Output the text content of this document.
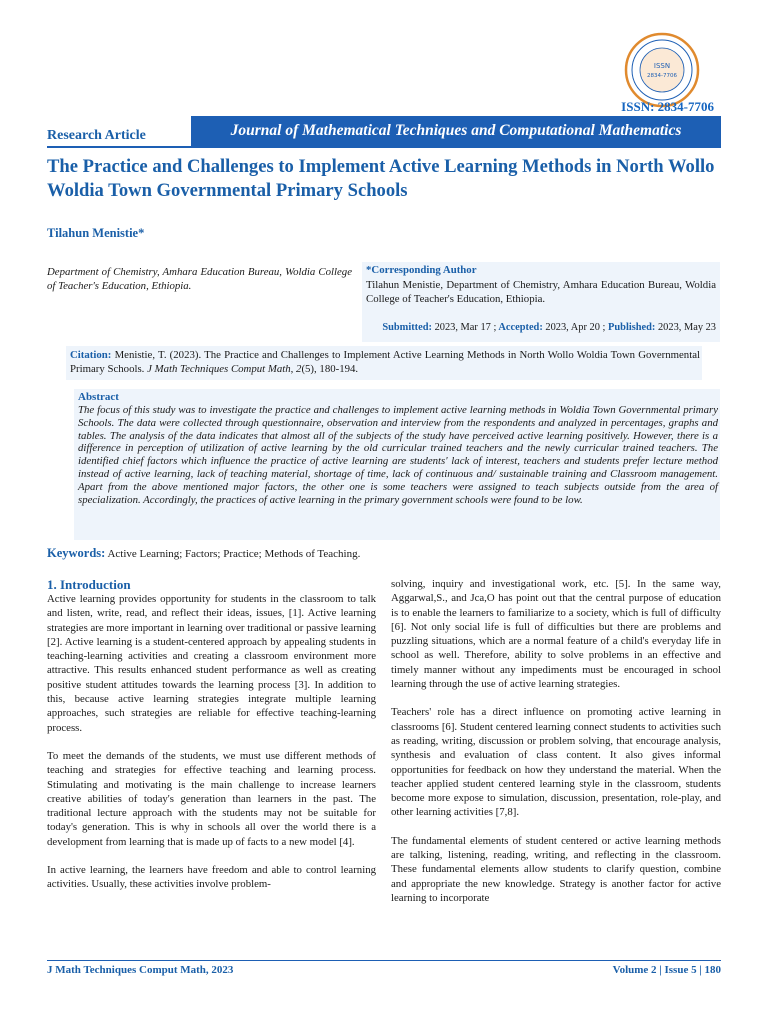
ISSN
2834-7706
ISSN: 2834-7706
Research Article	Journal of Mathematical Techniques and Computational Mathematics
The Practice and Challenges to Implement Active Learning Methods in North Wollo Woldia Town Governmental Primary Schools
Tilahun Menistie*
Department of Chemistry, Amhara Education Bureau, Woldia College of Teacher's Education, Ethiopia.
*Corresponding Author
Tilahun Menistie, Department of Chemistry, Amhara Education Bureau, Woldia College of Teacher's Education, Ethiopia.
Submitted: 2023, Mar 17 ; Accepted: 2023, Apr 20 ; Published: 2023, May 23
Citation: Menistie, T. (2023). The Practice and Challenges to Implement Active Learning Methods in North Wollo Woldia Town Governmental Primary Schools. J Math Techniques Comput Math, 2(5), 180-194.
Abstract
The focus of this study was to investigate the practice and challenges to implement active learning methods in Woldia Town Governmental primary Schools. The data were collected through questionnaire, observation and interview from the respondents and analyzed in percentages, graphs and tables. The analysis of the data indicates that almost all of the subjects of the study have perceived active learning positively. However, there is a difference in perception of utilization of active learning by the old curricular trained teachers and the newly curricular trained teachers. The identified chief factors which influence the practice of active learning are students' lack of interest, teachers and students prefer lecture method instead of active learning, lack of teaching material, shortage of time, lack of continuous and/ sustainable training and Classroom management. Apart from the above mentioned major factors, the other one is some teachers were assigned to teach subjects outside from the area of specialization. Accordingly, the practices of active learning in the primary government schools were found to be low.
Keywords: Active Learning; Factors; Practice; Methods of Teaching.
1. Introduction

Active learning provides opportunity for students in the classroom to talk and listen, write, read, and reflect their ideas, issues, [1]. Active learning strategies are more important in learning over traditional or passive learning [2]. Active learning is a student-centered approach by appealing students in teaching-learning activities and creating a classroom environment more attractive. This results enhanced student performance as well as creating positive student attitudes towards the learning process [3]. In addition to this, because active learning strategies integrate multiple learning approaches, such strategies are reliable for effective teaching-learning process.

To meet the demands of the students, we must use different methods of teaching and strategies for effective teaching and learning process. Stimulating and motivating is the main challenge to increase learners creative abilities of today's generation than learners in the past. The traditional lecture approach with the students may not be suitable for today's generation. This is why in schools all over the world there is a development from learning that is made up of facts to a new model [4].

In active learning, the learners have freedom and able to control learning activities. Usually, these activities involve problem-

solving, inquiry and investigational work, etc. [5]. In the same way, Aggarwal,S., and Jca,O has point out that the central purpose of education is to enable the learners to familiarize to a society, which is full of difficulty [6]. Not only social life is full of difficulties but there are problems and puzzling situations, which are a normal feature of a child's everyday life in school as well. Therefore, ability to solve problems in an effective and timely manner without any impediments must be encouraged in school learning through the use of active learning strategies.

Teachers' role has a direct influence on promoting active learning in classrooms [6]. Student centered learning connect students to activities such as reading, writing, discussion or problem solving, that encourage analysis, synthesis and evaluation of class content. It also gives informal opportunities for feedback on how they understand the material. When the teacher applied student centered learning style in the classroom, students become more expose to simulation, discussion, presentation, role-play, and other learning activities [7,8].

The fundamental elements of student centered or active learning methods are talking, listening, reading, writing, and reflecting in the classroom. These fundamental elements allow students to clarify question, combine and appropriate the new knowledge. Strategy is another factor for active learning to incorporate

J Math Techniques Comput Math, 2023	Volume 2 | Issue 5 | 180
